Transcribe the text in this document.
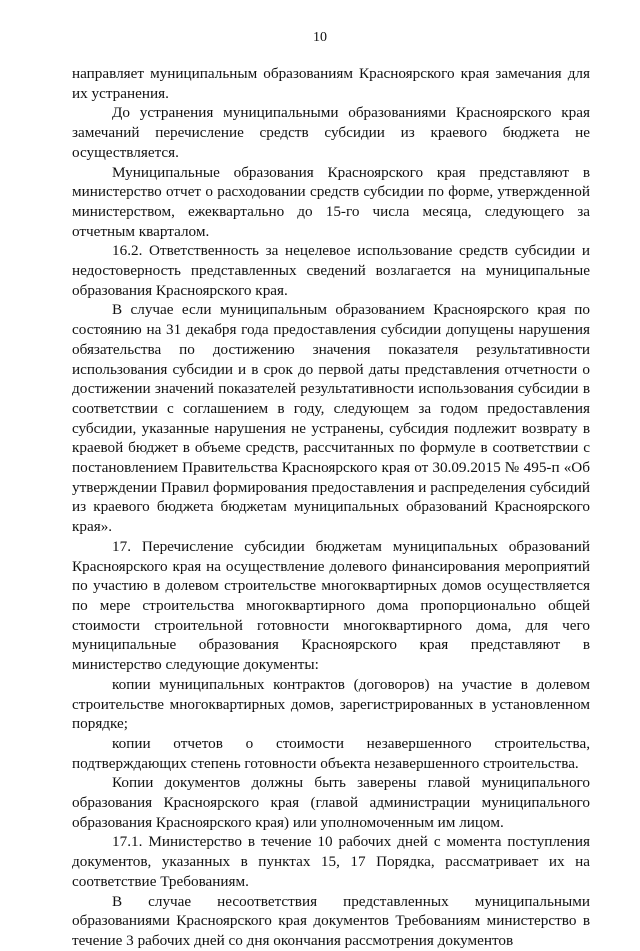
10

направляет муниципальным образованиям Красноярского края замечания для их устранения.

До устранения муниципальными образованиями Красноярского края замечаний перечисление средств субсидии из краевого бюджета не осуществляется.

Муниципальные образования Красноярского края представляют в министерство отчет о расходовании средств субсидии по форме, утвержденной министерством, ежеквартально до 15-го числа месяца, следующего за отчетным кварталом.

16.2. Ответственность за нецелевое использование средств субсидии и недостоверность представленных сведений возлагается на муниципальные образования Красноярского края.

В случае если муниципальным образованием Красноярского края по состоянию на 31 декабря года предоставления субсидии допущены нарушения обязательства по достижению значения показателя результативности использования субсидии и в срок до первой даты представления отчетности о достижении значений показателей результативности использования субсидии в соответствии с соглашением в году, следующем за годом предоставления субсидии, указанные нарушения не устранены, субсидия подлежит возврату в краевой бюджет в объеме средств, рассчитанных по формуле в соответствии с постановлением Правительства Красноярского края от 30.09.2015 № 495-п «Об утверждении Правил формирования предоставления и распределения субсидий из краевого бюджета бюджетам муниципальных образований Красноярского края».

17. Перечисление субсидии бюджетам муниципальных образований Красноярского края на осуществление долевого финансирования мероприятий по участию в долевом строительстве многоквартирных домов осуществляется по мере строительства многоквартирного дома пропорционально общей стоимости строительной готовности многоквартирного дома, для чего муниципальные образования Красноярского края представляют в министерство следующие документы:

копии муниципальных контрактов (договоров) на участие в долевом строительстве многоквартирных домов, зарегистрированных в установленном порядке;

копии отчетов о стоимости незавершенного строительства, подтверждающих степень готовности объекта незавершенного строительства.

Копии документов должны быть заверены главой муниципального образования Красноярского края (главой администрации муниципального образования Красноярского края) или уполномоченным им лицом.

17.1. Министерство в течение 10 рабочих дней с момента поступления документов, указанных в пунктах 15, 17 Порядка, рассматривает их на соответствие Требованиям.

В случае несоответствия представленных муниципальными образованиями Красноярского края документов Требованиям министерство в течение 3 рабочих дней со дня окончания рассмотрения документов
